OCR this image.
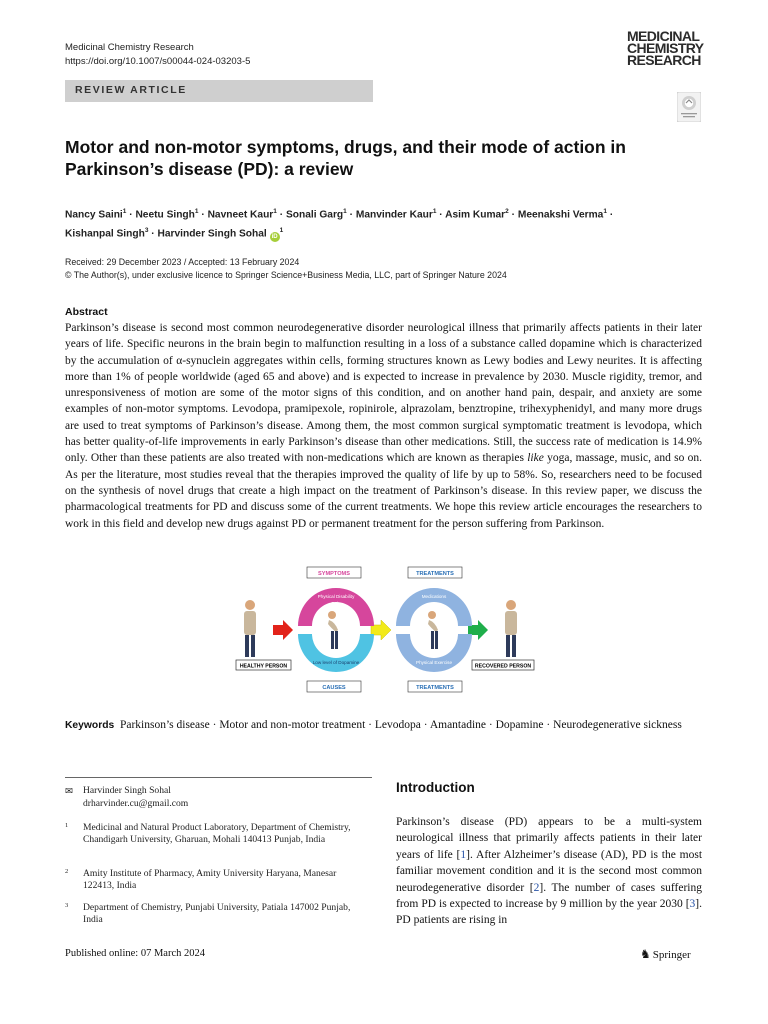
Medicinal Chemistry Research
https://doi.org/10.1007/s00044-024-03203-5
MEDICINAL
CHEMISTRY
RESEARCH
REVIEW ARTICLE
Motor and non-motor symptoms, drugs, and their mode of action in Parkinson’s disease (PD): a review
Nancy Saini$^1$ · Neetu Singh$^1$ · Navneet Kaur$^1$ · Sonali Garg$^1$ · Manvinder Kaur$^1$ · Asim Kumar$^2$ · Meenakshi Verma$^1$ ·
Kishanpal Singh$^3$ · Harvinder Singh Sohal $iD^1$
Received: 29 December 2023 / Accepted: 13 February 2024
© The Author(s), under exclusive licence to Springer Science+Business Media, LLC, part of Springer Nature 2024
Abstract

Parkinson’s disease is second most common neurodegenerative disorder neurological illness that primarily affects patients in their later years of life. Specific neurons in the brain begin to malfunction resulting in a loss of a substance called dopamine which is characterized by the accumulation of α-synuclein aggregates within cells, forming structures known as Lewy bodies and Lewy neurites. It is affecting more than 1% of people worldwide (aged 65 and above) and is expected to increase in prevalence by 2030. Muscle rigidity, tremor, and unresponsiveness of motion are some of the motor signs of this condition, and on another hand pain, despair, and anxiety are some examples of non-motor symptoms. Levodopa, pramipexole, ropinirole, alprazolam, benztropine, trihexyphenidyl, and many more drugs are used to treat symptoms of Parkinson’s disease. Among them, the most common surgical symptomatic treatment is levodopa, which has better quality-of-life improvements in early Parkinson’s disease than other medications. Still, the success rate of medication is 14.9% only. Other than these patients are also treated with non-medications which are known as therapies like yoga, massage, music, and so on. As per the literature, most studies reveal that the therapies improved the quality of life by up to 58%. So, researchers need to be focused on the synthesis of novel drugs that create a high impact on the treatment of Parkinson’s disease. In this review paper, we discuss the pharmacological treatments for PD and discuss some of the current treatments. We hope this review article encourages the researchers to work in this field and develop new drugs against PD or permanent treatment for the person suffering from Parkinson.

HEALTHY PERSON
Physical Disability
Pain
Low level of Dopamine
SYMPTOMS
CAUSES
Medications
Physical Exercise
TREATMENTS
TREATMENTS
RECOVERED PERSON

Keywords Parkinson’s disease · Motor and non-motor treatment · Levodopa · Amantadine · Dopamine · Neurodegenerative sickness

✉ Harvinder Singh Sohal
drharvinder.cu@gmail.com
1 Medicinal and Natural Product Laboratory, Department of Chemistry, Chandigarh University, Gharuan, Mohali 140413 Punjab, India
2 Amity Institute of Pharmacy, Amity University Haryana, Manesar 122413, India
3 Department of Chemistry, Punjabi University, Patiala 147002 Punjab, India
Introduction

Parkinson’s disease (PD) appears to be a multi-system neurological illness that primarily affects patients in their later years of life [1]. After Alzheimer’s disease (AD), PD is the most familiar movement condition and it is the second most common neurodegenerative disorder [2]. The number of cases suffering from PD is expected to increase by 9 million by the year 2030 [3]. PD patients are rising in

Published online: 07 March 2024	♞ Springer
